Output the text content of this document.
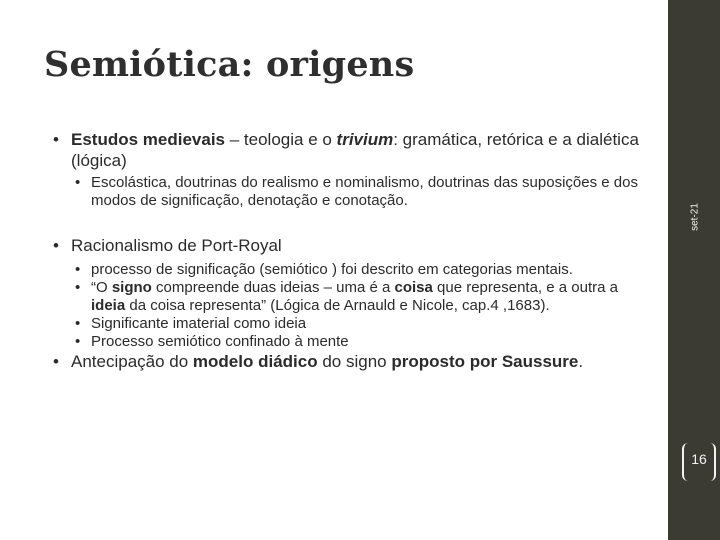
Semiótica: origens
• Estudos medievais – teologia e o trivium: gramática, retórica e a dialética (lógica)
• Escolástica, doutrinas do realismo e nominalismo, doutrinas das suposições e dos modos de significação, denotação e conotação.
• Racionalismo de Port-Royal
• processo de significação (semiótico ) foi descrito em categorias mentais.
• “O signo compreende duas ideias – uma é a coisa que representa, e a outra a ideia da coisa representa” (Lógica de Arnauld e Nicole, cap.4 ,1683).
• Significante imaterial como ideia
• Processo semiótico confinado à mente
• Antecipação do modelo diádico do signo proposto por Saussure.
set-21
16
